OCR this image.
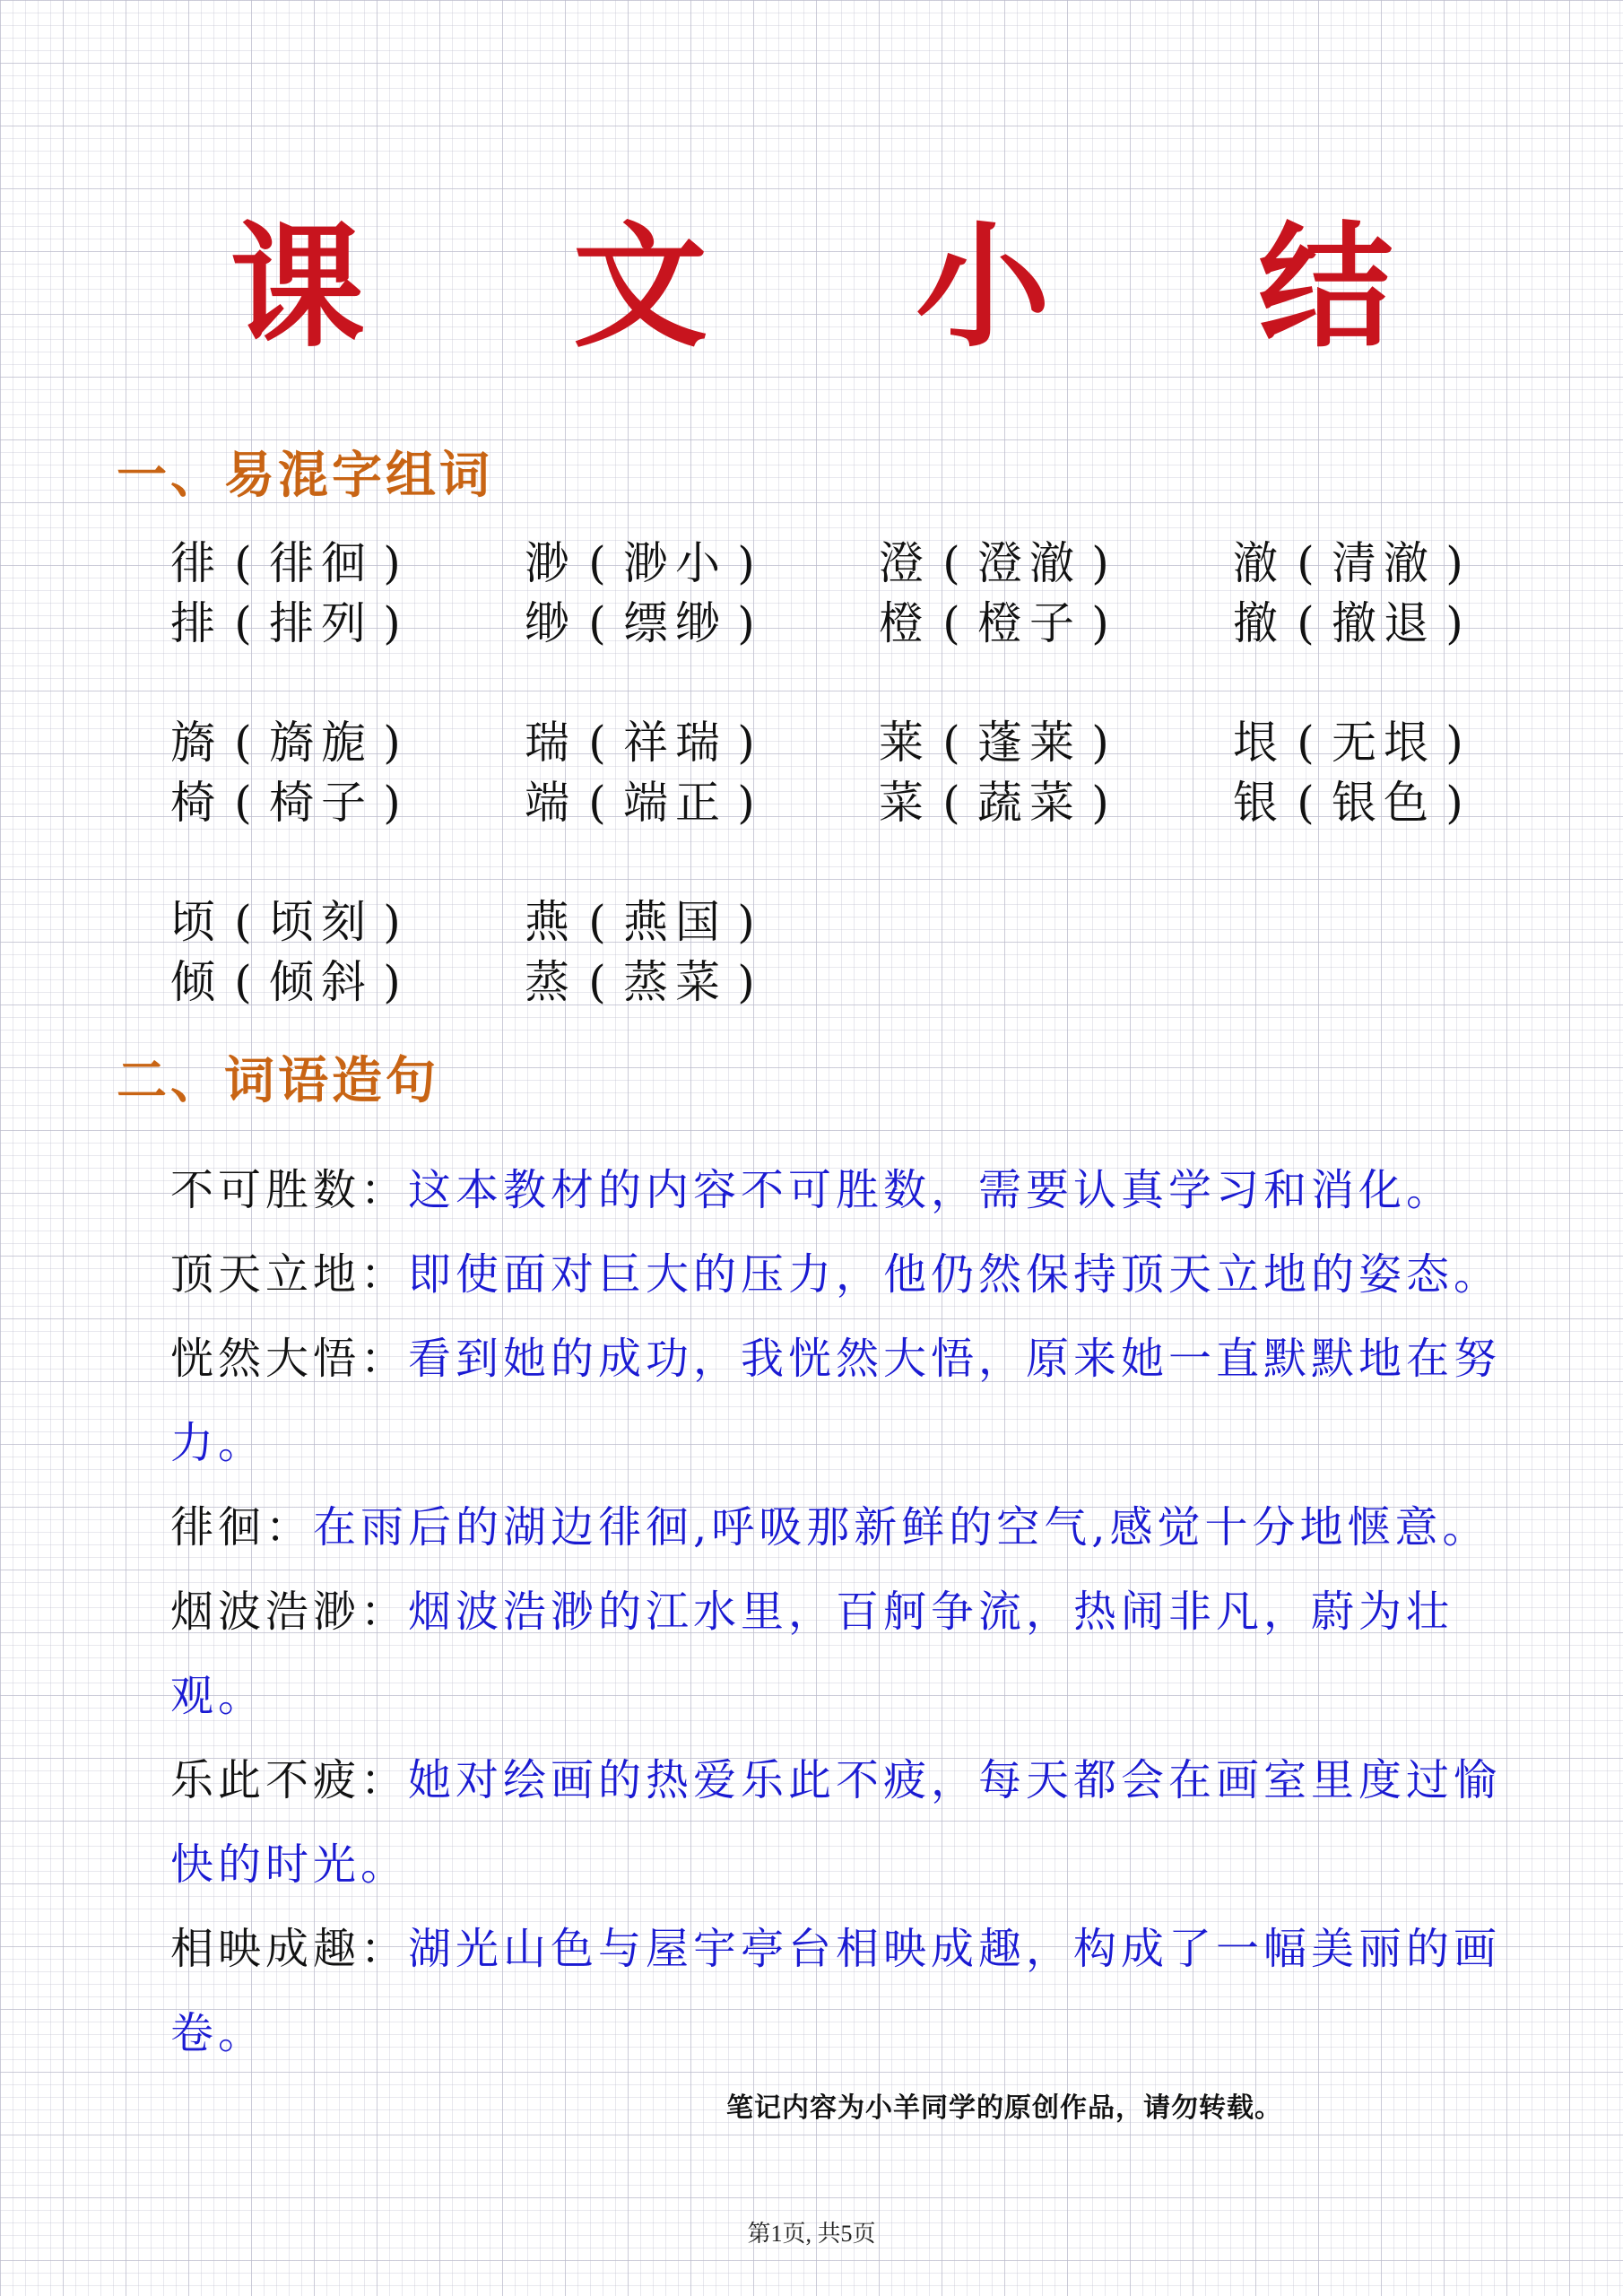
课 文 小 结
一、易混字组词
徘 ( 徘徊 )
排 ( 排列 )
渺 ( 渺小 )
缈 ( 缥缈 )
澄 ( 澄澈 )
橙 ( 橙子 )
澈 ( 清澈 )
撤 ( 撤退 )
旖 ( 旖旎 )
椅 ( 椅子 )
瑞 ( 祥瑞 )
端 ( 端正 )
莱 ( 蓬莱 )
菜 ( 蔬菜 )
垠 ( 无垠 )
银 ( 银色 )
顷 ( 顷刻 )
倾 ( 倾斜 )
燕 ( 燕国 )
蒸 ( 蒸菜 )
二、词语造句

不可胜数：这本教材的内容不可胜数，需要认真学习和消化。

顶天立地：即使面对巨大的压力，他仍然保持顶天立地的姿态。

恍然大悟：看到她的成功，我恍然大悟，原来她一直默默地在努力。

徘徊：在雨后的湖边徘徊,呼吸那新鲜的空气,感觉十分地惬意。

烟波浩渺：烟波浩渺的江水里，百舸争流，热闹非凡，蔚为壮观。

乐此不疲：她对绘画的热爱乐此不疲，每天都会在画室里度过愉快的时光。

相映成趣：湖光山色与屋宇亭台相映成趣，构成了一幅美丽的画卷。

笔记内容为小羊同学的原创作品，请勿转载。
第1页, 共5页
